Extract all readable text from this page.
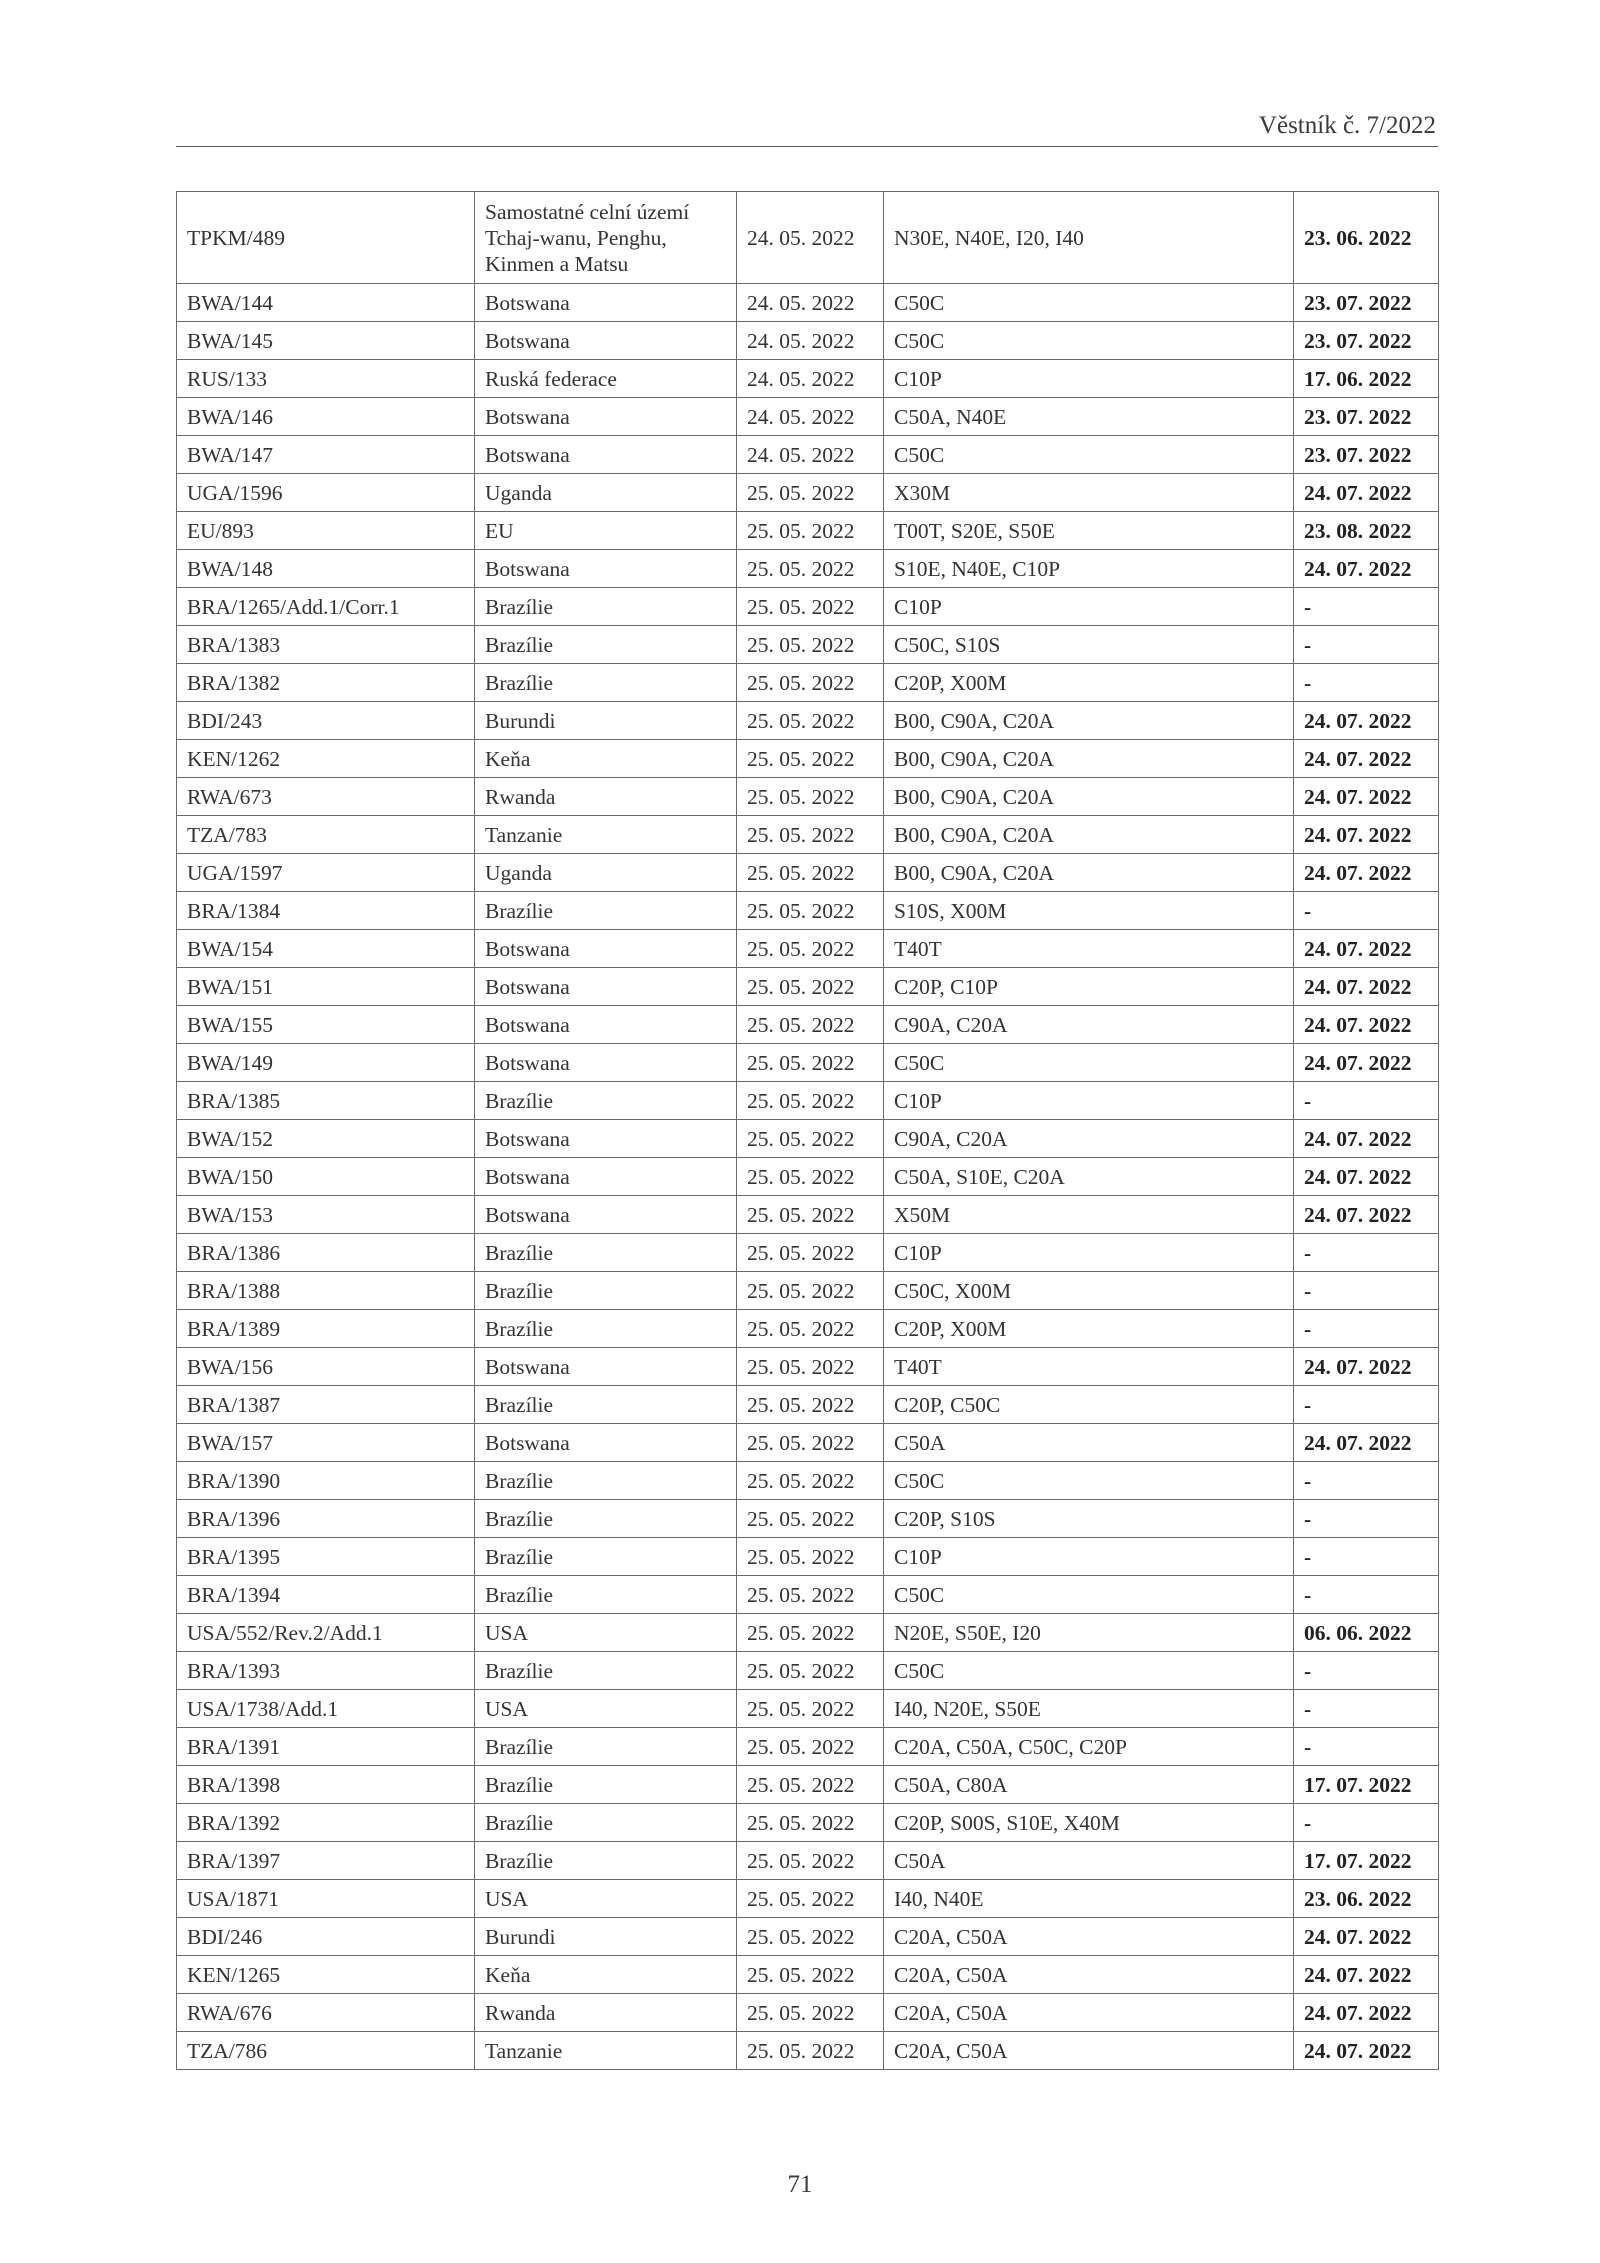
Věstník č. 7/2022
TPKM/489	Samostatné celní území Tchaj-wanu, Penghu, Kinmen a Matsu	24. 05. 2022	N30E, N40E, I20, I40	23. 06. 2022
BWA/144	Botswana	24. 05. 2022	C50C	23. 07. 2022
BWA/145	Botswana	24. 05. 2022	C50C	23. 07. 2022
RUS/133	Ruská federace	24. 05. 2022	C10P	17. 06. 2022
BWA/146	Botswana	24. 05. 2022	C50A, N40E	23. 07. 2022
BWA/147	Botswana	24. 05. 2022	C50C	23. 07. 2022
UGA/1596	Uganda	25. 05. 2022	X30M	24. 07. 2022
EU/893	EU	25. 05. 2022	T00T, S20E, S50E	23. 08. 2022
BWA/148	Botswana	25. 05. 2022	S10E, N40E, C10P	24. 07. 2022
BRA/1265/Add.1/Corr.1	Brazílie	25. 05. 2022	C10P	-
BRA/1383	Brazílie	25. 05. 2022	C50C, S10S	-
BRA/1382	Brazílie	25. 05. 2022	C20P, X00M	-
BDI/243	Burundi	25. 05. 2022	B00, C90A, C20A	24. 07. 2022
KEN/1262	Keňa	25. 05. 2022	B00, C90A, C20A	24. 07. 2022
RWA/673	Rwanda	25. 05. 2022	B00, C90A, C20A	24. 07. 2022
TZA/783	Tanzanie	25. 05. 2022	B00, C90A, C20A	24. 07. 2022
UGA/1597	Uganda	25. 05. 2022	B00, C90A, C20A	24. 07. 2022
BRA/1384	Brazílie	25. 05. 2022	S10S, X00M	-
BWA/154	Botswana	25. 05. 2022	T40T	24. 07. 2022
BWA/151	Botswana	25. 05. 2022	C20P, C10P	24. 07. 2022
BWA/155	Botswana	25. 05. 2022	C90A, C20A	24. 07. 2022
BWA/149	Botswana	25. 05. 2022	C50C	24. 07. 2022
BRA/1385	Brazílie	25. 05. 2022	C10P	-
BWA/152	Botswana	25. 05. 2022	C90A, C20A	24. 07. 2022
BWA/150	Botswana	25. 05. 2022	C50A, S10E, C20A	24. 07. 2022
BWA/153	Botswana	25. 05. 2022	X50M	24. 07. 2022
BRA/1386	Brazílie	25. 05. 2022	C10P	-
BRA/1388	Brazílie	25. 05. 2022	C50C, X00M	-
BRA/1389	Brazílie	25. 05. 2022	C20P, X00M	-
BWA/156	Botswana	25. 05. 2022	T40T	24. 07. 2022
BRA/1387	Brazílie	25. 05. 2022	C20P, C50C	-
BWA/157	Botswana	25. 05. 2022	C50A	24. 07. 2022
BRA/1390	Brazílie	25. 05. 2022	C50C	-
BRA/1396	Brazílie	25. 05. 2022	C20P, S10S	-
BRA/1395	Brazílie	25. 05. 2022	C10P	-
BRA/1394	Brazílie	25. 05. 2022	C50C	-
USA/552/Rev.2/Add.1	USA	25. 05. 2022	N20E, S50E, I20	06. 06. 2022
BRA/1393	Brazílie	25. 05. 2022	C50C	-
USA/1738/Add.1	USA	25. 05. 2022	I40, N20E, S50E	-
BRA/1391	Brazílie	25. 05. 2022	C20A, C50A, C50C, C20P	-
BRA/1398	Brazílie	25. 05. 2022	C50A, C80A	17. 07. 2022
BRA/1392	Brazílie	25. 05. 2022	C20P, S00S, S10E, X40M	-
BRA/1397	Brazílie	25. 05. 2022	C50A	17. 07. 2022
USA/1871	USA	25. 05. 2022	I40, N40E	23. 06. 2022
BDI/246	Burundi	25. 05. 2022	C20A, C50A	24. 07. 2022
KEN/1265	Keňa	25. 05. 2022	C20A, C50A	24. 07. 2022
RWA/676	Rwanda	25. 05. 2022	C20A, C50A	24. 07. 2022
TZA/786	Tanzanie	25. 05. 2022	C20A, C50A	24. 07. 2022
71
